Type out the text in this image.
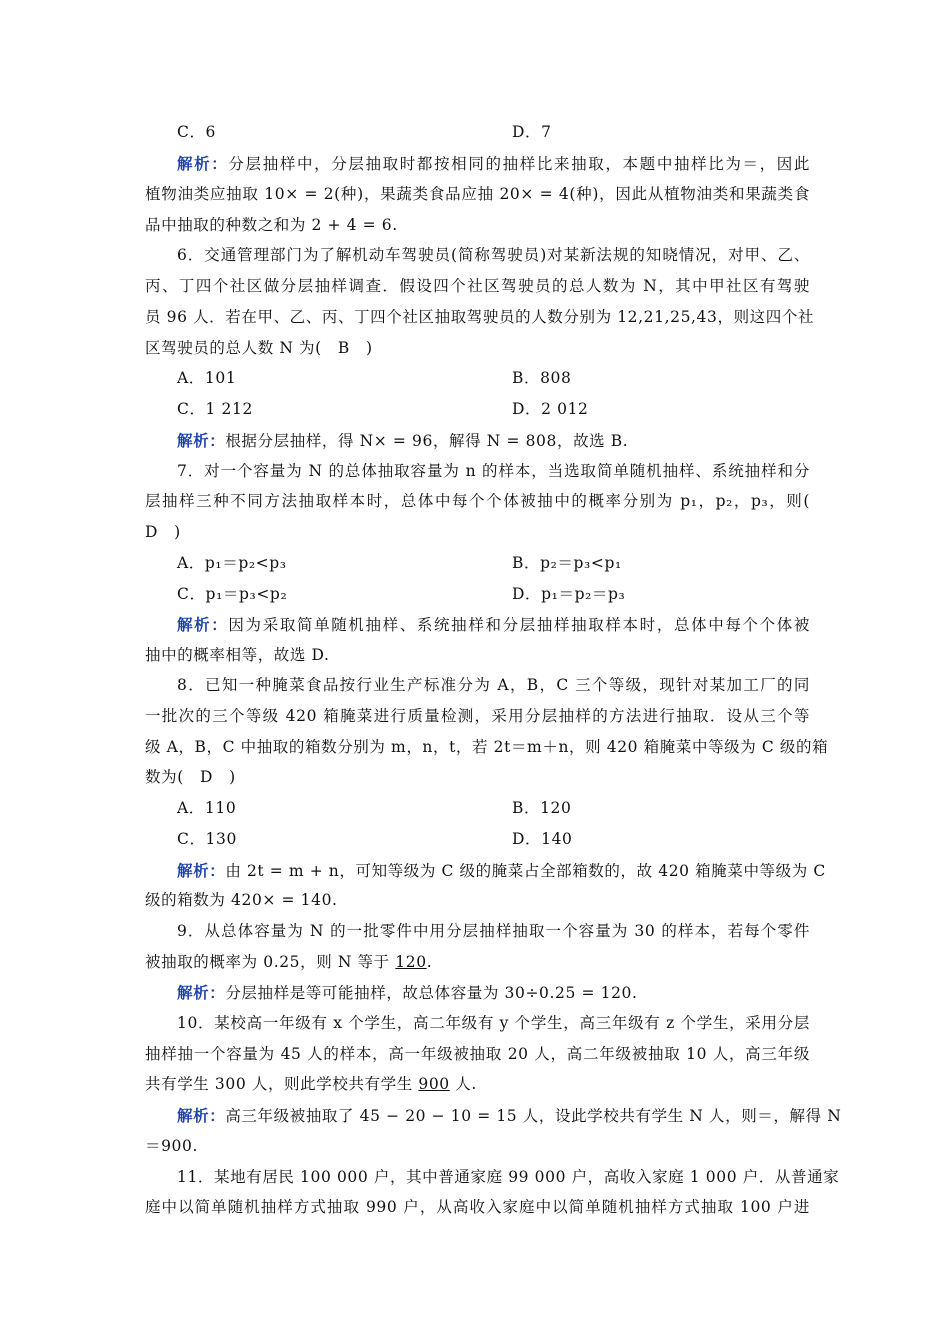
C．6	D．7
解析：分层抽样中，分层抽取时都按相同的抽样比来抽取，本题中抽样比为＝，因此
植物油类应抽取 10× = 2(种)，果蔬类食品应抽 20× = 4(种)，因此从植物油类和果蔬类食
品中抽取的种数之和为 2 + 4 = 6.
6．交通管理部门为了解机动车驾驶员(简称驾驶员)对某新法规的知晓情况，对甲、乙、
丙、丁四个社区做分层抽样调查．假设四个社区驾驶员的总人数为 N，其中甲社区有驾驶
员 96 人．若在甲、乙、丙、丁四个社区抽取驾驶员的人数分别为 12,21,25,43，则这四个社
区驾驶员的总人数 N 为(　B　)
A．101	B．808
C．1 212	D．2 012
解析：根据分层抽样，得 N× = 96，解得 N = 808，故选 B.
7．对一个容量为 N 的总体抽取容量为 n 的样本，当选取简单随机抽样、系统抽样和分
层抽样三种不同方法抽取样本时，总体中每个个体被抽中的概率分别为 p₁，p₂，p₃，则(
D　)
A．p₁＝p₂<p₃	B．p₂＝p₃<p₁
C．p₁＝p₃<p₂	D．p₁＝p₂＝p₃
解析：因为采取简单随机抽样、系统抽样和分层抽样抽取样本时，总体中每个个体被
抽中的概率相等，故选 D.
8．已知一种腌菜食品按行业生产标准分为 A，B，C 三个等级，现针对某加工厂的同
一批次的三个等级 420 箱腌菜进行质量检测，采用分层抽样的方法进行抽取．设从三个等
级 A，B，C 中抽取的箱数分别为 m，n，t，若 2t＝m＋n，则 420 箱腌菜中等级为 C 级的箱
数为(　D　)
A．110	B．120
C．130	D．140
解析：由 2t = m + n，可知等级为 C 级的腌菜占全部箱数的，故 420 箱腌菜中等级为 C
级的箱数为 420× = 140.
9．从总体容量为 N 的一批零件中用分层抽样抽取一个容量为 30 的样本，若每个零件
被抽取的概率为 0.25，则 N 等于 120.
解析：分层抽样是等可能抽样，故总体容量为 30÷0.25 = 120.
10．某校高一年级有 x 个学生，高二年级有 y 个学生，高三年级有 z 个学生，采用分层
抽样抽一个容量为 45 人的样本，高一年级被抽取 20 人，高二年级被抽取 10 人，高三年级
共有学生 300 人，则此学校共有学生 900 人.
解析：高三年级被抽取了 45 − 20 − 10 = 15 人，设此学校共有学生 N 人，则＝，解得 N
＝900.
11．某地有居民 100 000 户，其中普通家庭 99 000 户，高收入家庭 1 000 户．从普通家
庭中以简单随机抽样方式抽取 990 户，从高收入家庭中以简单随机抽样方式抽取 100 户进
